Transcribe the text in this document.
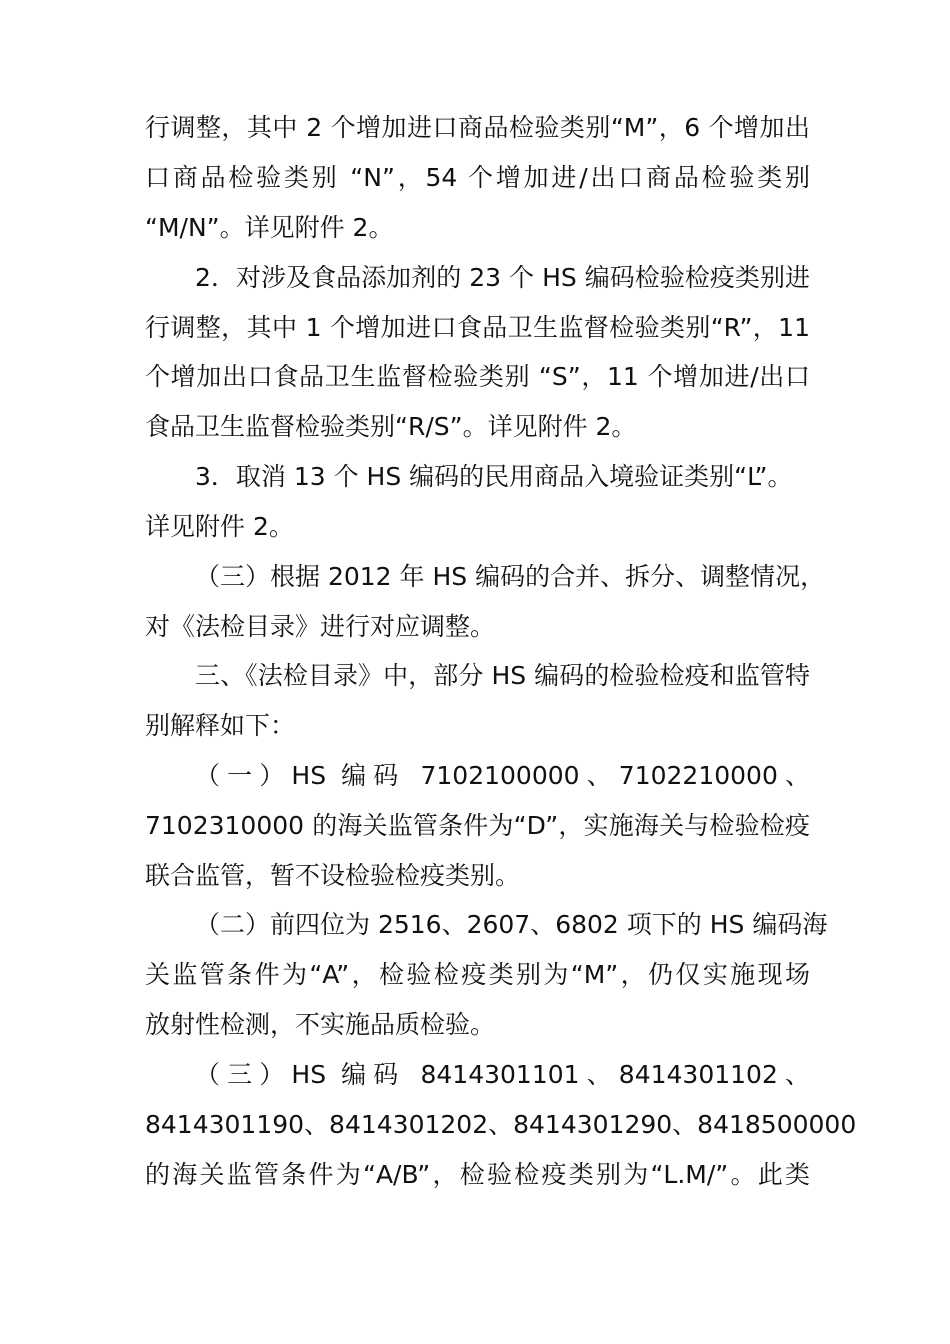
行调整，其中 2 个增加进口商品检验类别“M”，6 个增加出
口商品检验类别 “N”，54 个增加进/出口商品检验类别
“M/N”。详见附件 2。
2．对涉及食品添加剂的 23 个 HS 编码检验检疫类别进
行调整，其中 1 个增加进口食品卫生监督检验类别“R”，11
个增加出口食品卫生监督检验类别 “S”，11 个增加进/出口
食品卫生监督检验类别“R/S”。详见附件 2。
3．取消 13 个 HS 编码的民用商品入境验证类别“L”。
详见附件 2。
（三）根据 2012 年 HS 编码的合并、拆分、调整情况，
对《法检目录》进行对应调整。
三、《法检目录》中，部分 HS 编码的检验检疫和监管特
别解释如下：
（一）HS 编码 7102100000、7102210000、
7102310000 的海关监管条件为“D”，实施海关与检验检疫
联合监管，暂不设检验检疫类别。
（二）前四位为 2516、2607、6802 项下的 HS 编码海
关监管条件为“A”，检验检疫类别为“M”，仍仅实施现场
放射性检测，不实施品质检验。
（三）HS 编码 8414301101、8414301102、
8414301190、8414301202、8414301290、8418500000
的海关监管条件为“A/B”，检验检疫类别为“L.M/”。此类
